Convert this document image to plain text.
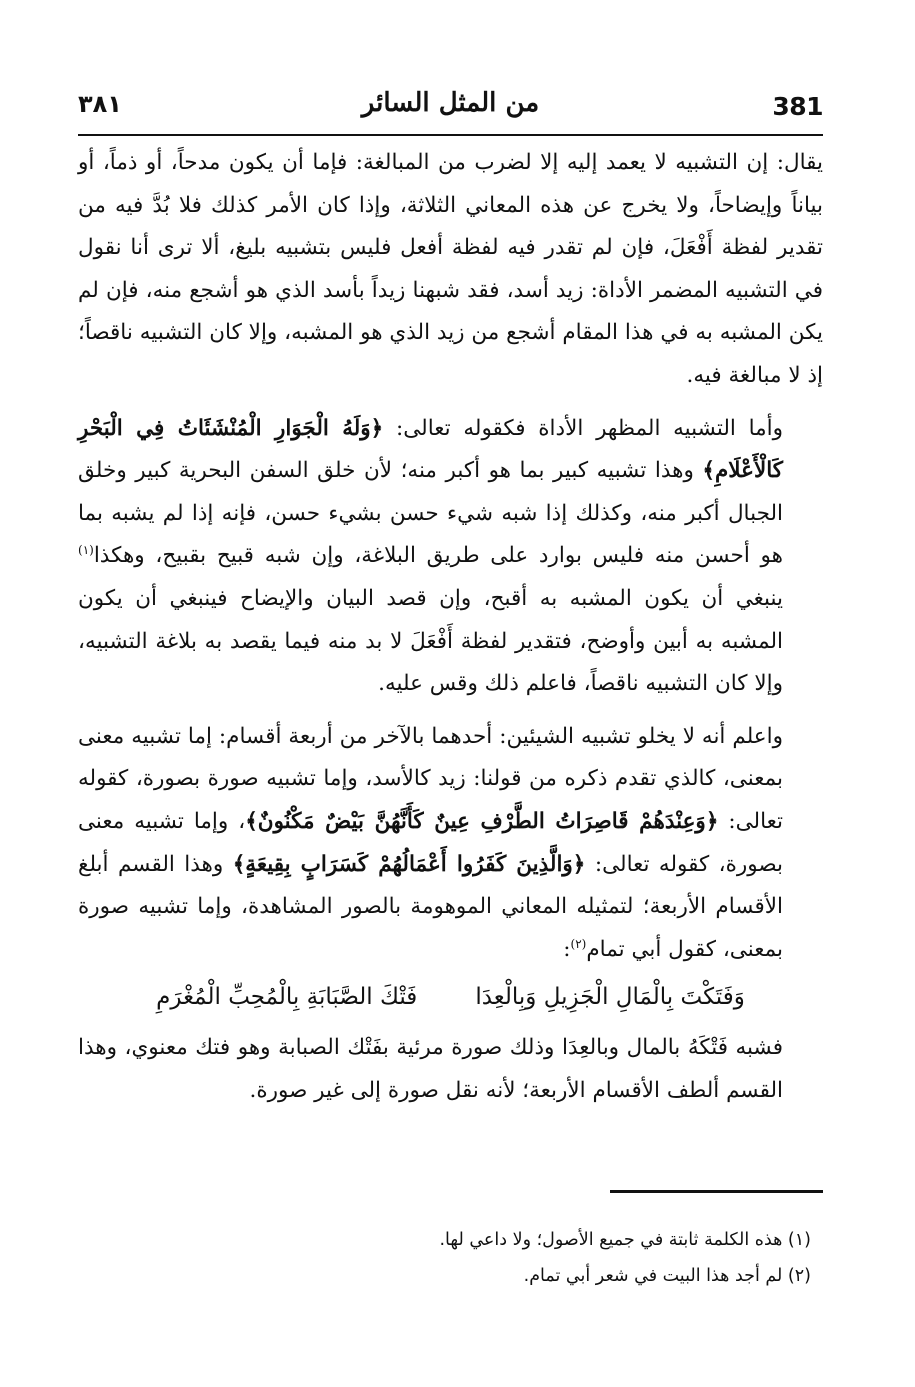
381
من المثل السائر
٣٨١

يقال: إن التشبيه لا يعمد إليه إلا لضرب من المبالغة: فإما أن يكون مدحاً، أو ذماً، أو بياناً وإيضاحاً، ولا يخرج عن هذه المعاني الثلاثة، وإذا كان الأمر كذلك فلا بُدَّ فيه من تقدير لفظة أَفْعَلَ، فإن لم تقدر فيه لفظة أفعل فليس بتشبيه بليغ، ألا ترى أنا نقول في التشبيه المضمر الأداة: زيد أسد، فقد شبهنا زيداً بأسد الذي هو أشجع منه، فإن لم يكن المشبه به في هذا المقام أشجع من زيد الذي هو المشبه، وإلا كان التشبيه ناقصاً؛ إذ لا مبالغة فيه.

وأما التشبيه المظهر الأداة فكقوله تعالى: ﴿وَلَهُ الْجَوَارِ الْمُنْشَئَاتُ فِي الْبَحْرِ كَالْأَعْلَامِ﴾ وهذا تشبيه كبير بما هو أكبر منه؛ لأن خلق السفن البحرية كبير وخلق الجبال أكبر منه، وكذلك إذا شبه شيء حسن بشيء حسن، فإنه إذا لم يشبه بما هو أحسن منه فليس بوارد على طريق البلاغة، وإن شبه قبيح بقبيح، وهكذا$^{(١)}$ ينبغي أن يكون المشبه به أقبح، وإن قصد البيان والإيضاح فينبغي أن يكون المشبه به أبين وأوضح، فتقدير لفظة أَفْعَلَ لا بد منه فيما يقصد به بلاغة التشبيه، وإلا كان التشبيه ناقصاً، فاعلم ذلك وقس عليه.

واعلم أنه لا يخلو تشبيه الشيئين: أحدهما بالآخر من أربعة أقسام: إما تشبيه معنى بمعنى، كالذي تقدم ذكره من قولنا: زيد كالأسد، وإما تشبيه صورة بصورة، كقوله تعالى: ﴿وَعِنْدَهُمْ قَاصِرَاتُ الطَّرْفِ عِينٌ كَأَنَّهُنَّ بَيْضٌ مَكْنُونٌ﴾، وإما تشبيه معنى بصورة، كقوله تعالى: ﴿وَالَّذِينَ كَفَرُوا أَعْمَالُهُمْ كَسَرَابٍ بِقِيعَةٍ﴾ وهذا القسم أبلغ الأقسام الأربعة؛ لتمثيله المعاني الموهومة بالصور المشاهدة، وإما تشبيه صورة بمعنى، كقول أبي تمام$^{(٢)}$:

وَفَتَكْتَ بِالْمَالِ الْجَزِيلِ وَبِالْعِدَا
فَتْكَ الصَّبَابَةِ بِالْمُحِبِّ الْمُغْرَمِ

فشبه فَتْكَهُ بالمال وبالعِدَا وذلك صورة مرئية بفَتْك الصبابة وهو فتك معنوي، وهذا القسم ألطف الأقسام الأربعة؛ لأنه نقل صورة إلى غير صورة.

(١) هذه الكلمة ثابتة في جميع الأصول؛ ولا داعي لها.
(٢) لم أجد هذا البيت في شعر أبي تمام.
